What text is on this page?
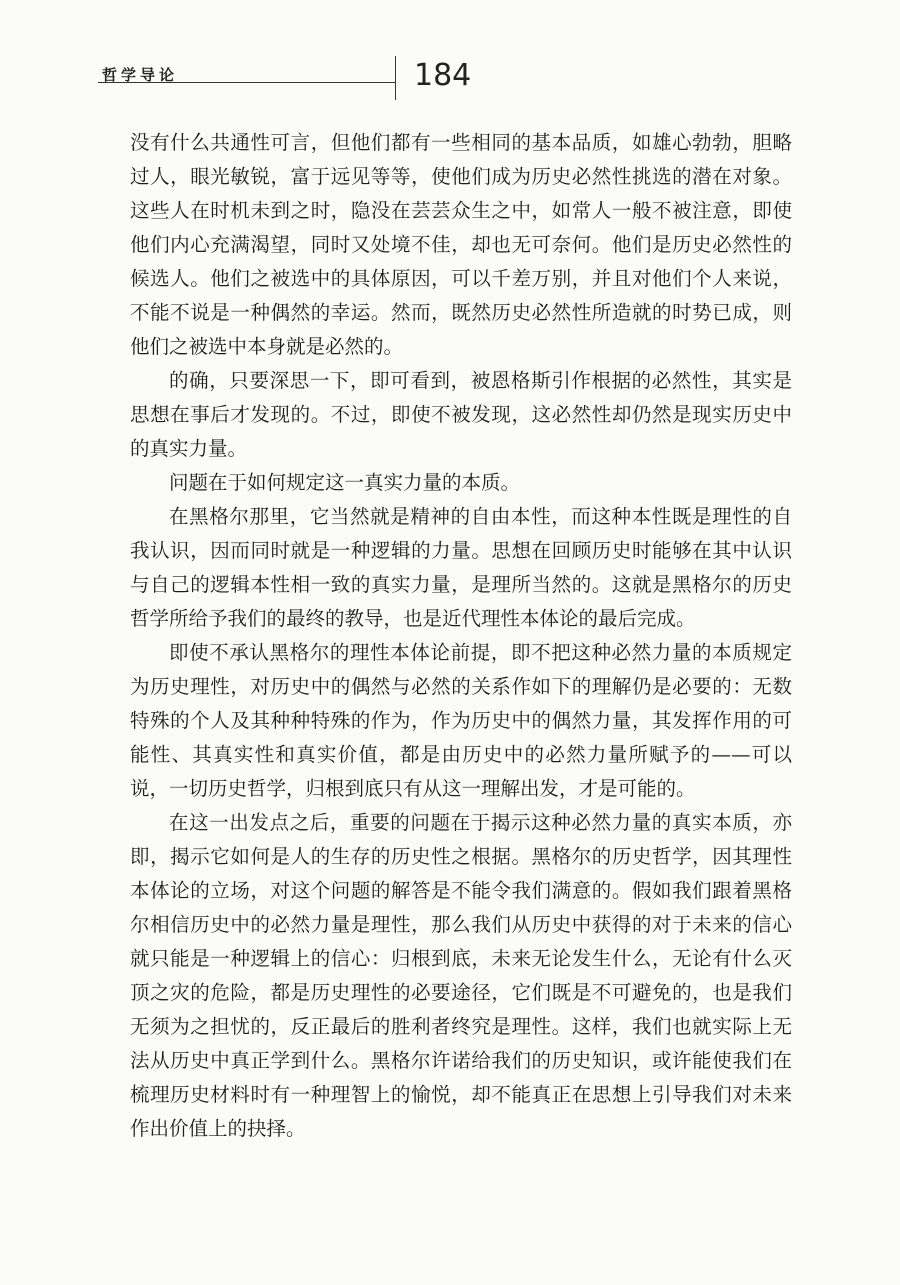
哲学导论	184

没有什么共通性可言，但他们都有一些相同的基本品质，如雄心勃勃，胆略过人，眼光敏锐，富于远见等等，使他们成为历史必然性挑选的潜在对象。这些人在时机未到之时，隐没在芸芸众生之中，如常人一般不被注意，即使他们内心充满渴望，同时又处境不佳，却也无可奈何。他们是历史必然性的候选人。他们之被选中的具体原因，可以千差万别，并且对他们个人来说，不能不说是一种偶然的幸运。然而，既然历史必然性所造就的时势已成，则他们之被选中本身就是必然的。

的确，只要深思一下，即可看到，被恩格斯引作根据的必然性，其实是思想在事后才发现的。不过，即使不被发现，这必然性却仍然是现实历史中的真实力量。

问题在于如何规定这一真实力量的本质。

在黑格尔那里，它当然就是精神的自由本性，而这种本性既是理性的自我认识，因而同时就是一种逻辑的力量。思想在回顾历史时能够在其中认识与自己的逻辑本性相一致的真实力量，是理所当然的。这就是黑格尔的历史哲学所给予我们的最终的教导，也是近代理性本体论的最后完成。

即使不承认黑格尔的理性本体论前提，即不把这种必然力量的本质规定为历史理性，对历史中的偶然与必然的关系作如下的理解仍是必要的：无数特殊的个人及其种种特殊的作为，作为历史中的偶然力量，其发挥作用的可能性、其真实性和真实价值，都是由历史中的必然力量所赋予的——可以说，一切历史哲学，归根到底只有从这一理解出发，才是可能的。

在这一出发点之后，重要的问题在于揭示这种必然力量的真实本质，亦即，揭示它如何是人的生存的历史性之根据。黑格尔的历史哲学，因其理性本体论的立场，对这个问题的解答是不能令我们满意的。假如我们跟着黑格尔相信历史中的必然力量是理性，那么我们从历史中获得的对于未来的信心就只能是一种逻辑上的信心：归根到底，未来无论发生什么，无论有什么灭顶之灾的危险，都是历史理性的必要途径，它们既是不可避免的，也是我们无须为之担忧的，反正最后的胜利者终究是理性。这样，我们也就实际上无法从历史中真正学到什么。黑格尔许诺给我们的历史知识，或许能使我们在梳理历史材料时有一种理智上的愉悦，却不能真正在思想上引导我们对未来作出价值上的抉择。
